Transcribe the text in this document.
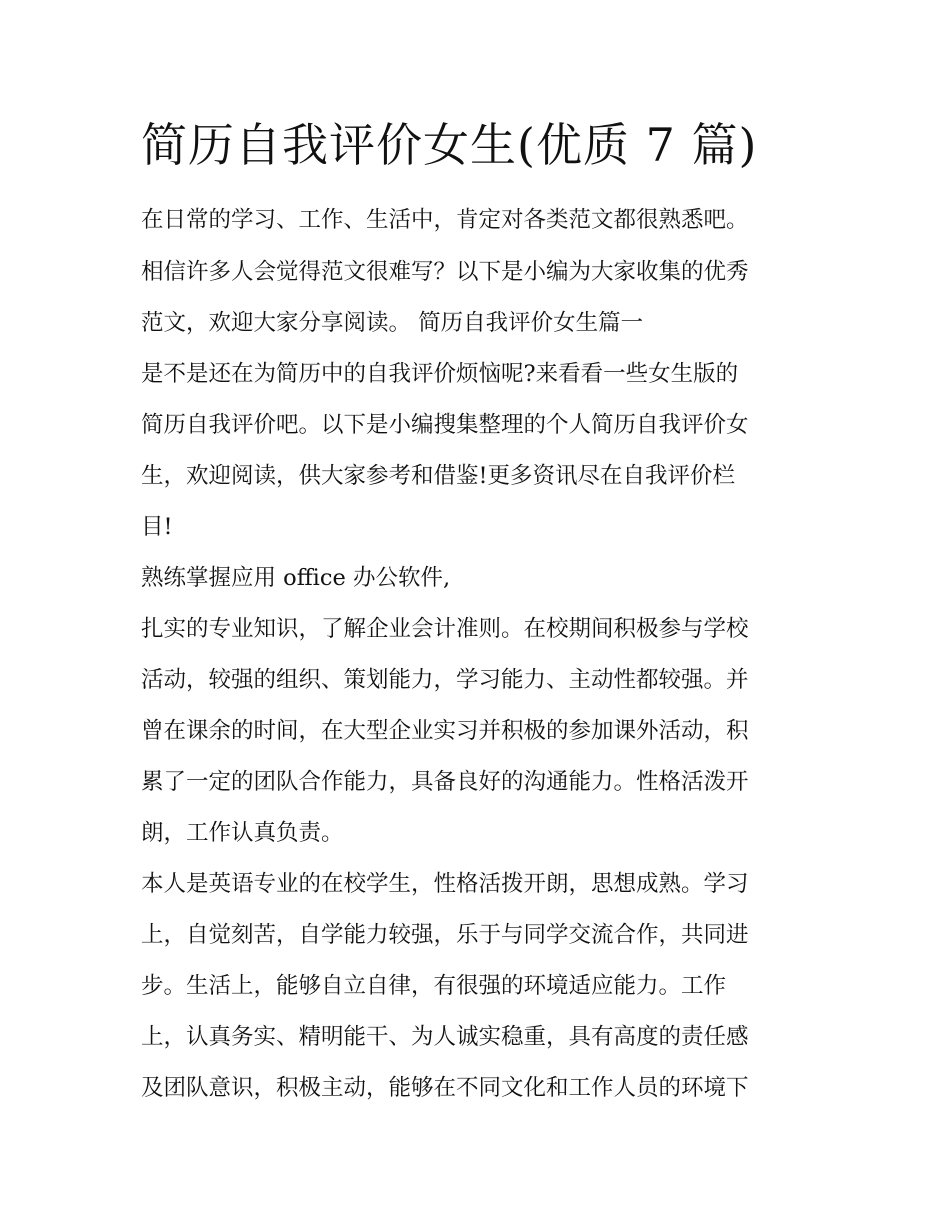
简历自我评价女生(优质 7 篇)

在日常的学习、工作、生活中，肯定对各类范文都很熟悉吧。

相信许多人会觉得范文很难写？以下是小编为大家收集的优秀

范文，欢迎大家分享阅读。 简历自我评价女生篇一

是不是还在为简历中的自我评价烦恼呢?来看看一些女生版的

简历自我评价吧。以下是小编搜集整理的个人简历自我评价女

生，欢迎阅读，供大家参考和借鉴!更多资讯尽在自我评价栏

目!

熟练掌握应用 office 办公软件,

扎实的专业知识，了解企业会计准则。在校期间积极参与学校

活动，较强的组织、策划能力，学习能力、主动性都较强。并

曾在课余的时间，在大型企业实习并积极的参加课外活动，积

累了一定的团队合作能力，具备良好的沟通能力。性格活泼开

朗，工作认真负责。

本人是英语专业的在校学生，性格活拨开朗，思想成熟。学习

上，自觉刻苦，自学能力较强，乐于与同学交流合作，共同进

步。生活上，能够自立自律，有很强的环境适应能力。工作

上，认真务实、精明能干、为人诚实稳重，具有高度的责任感

及团队意识，积极主动，能够在不同文化和工作人员的环境下
